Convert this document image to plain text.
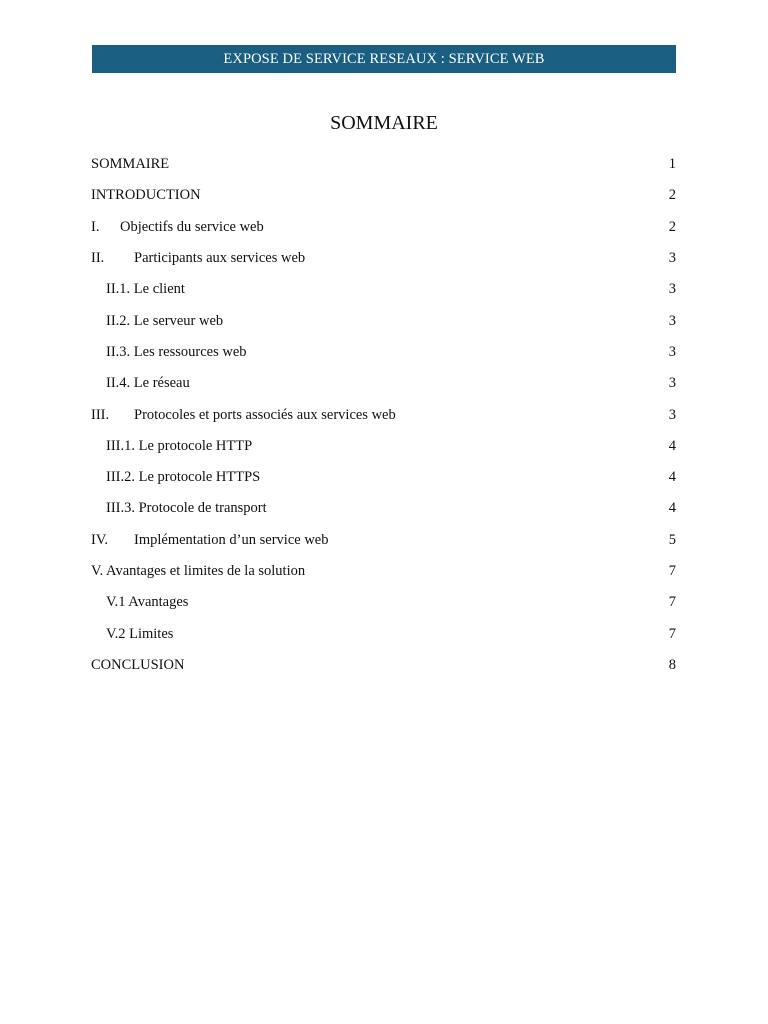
EXPOSE DE SERVICE RESEAUX : SERVICE WEB
SOMMAIRE
SOMMAIRE	1
INTRODUCTION	2
I.	Objectifs du service web	2
II.	Participants aux services web	3
II.1. Le client	3
II.2. Le serveur web	3
II.3. Les ressources web	3
II.4. Le réseau	3
III.	Protocoles et ports associés aux services web	3
III.1. Le protocole HTTP	4
III.2. Le protocole HTTPS	4
III.3. Protocole de transport	4
IV.	Implémentation d’un service web	5
V. Avantages et limites de la solution	7
V.1 Avantages	7
V.2 Limites	7
CONCLUSION	8
